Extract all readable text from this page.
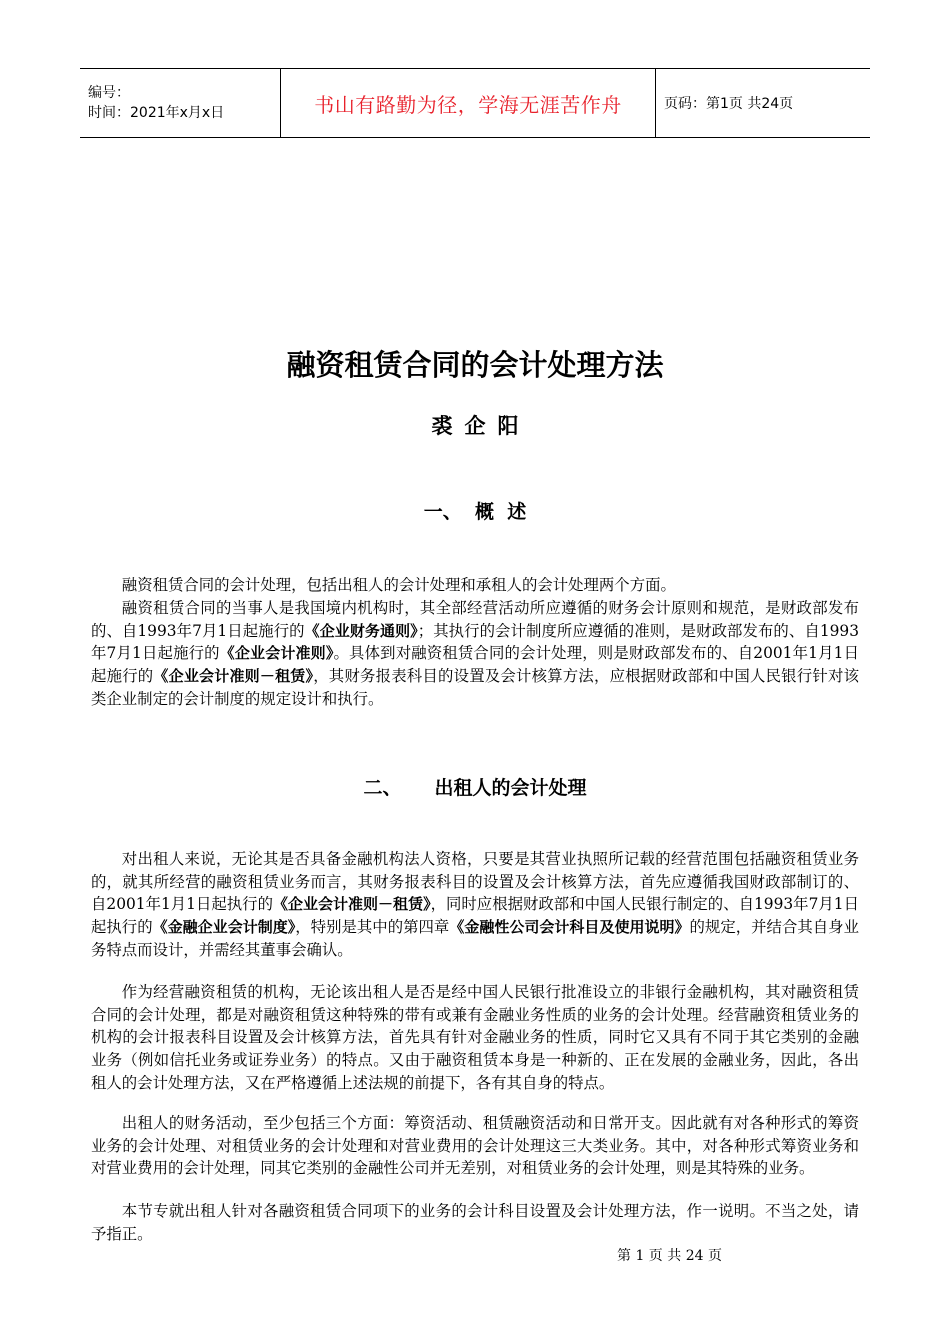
编号：
时间：2021年x月x日	书山有路勤为径，学海无涯苦作舟	页码：第1页 共24页
融资租赁合同的会计处理方法
裘企阳
一、  概  述

融资租赁合同的会计处理，包括出租人的会计处理和承租人的会计处理两个方面。

融资租赁合同的当事人是我国境内机构时，其全部经营活动所应遵循的财务会计原则和规范，是财政部发布的、自1993年7月1日起施行的《企业财务通则》；其执行的会计制度所应遵循的准则，是财政部发布的、自1993年7月1日起施行的《企业会计准则》。具体到对融资租赁合同的会计处理，则是财政部发布的、自2001年1月1日起施行的《企业会计准则－租赁》，其财务报表科目的设置及会计核算方法，应根据财政部和中国人民银行针对该类企业制定的会计制度的规定设计和执行。

二、     出租人的会计处理

对出租人来说，无论其是否具备金融机构法人资格，只要是其营业执照所记载的经营范围包括融资租赁业务的，就其所经营的融资租赁业务而言，其财务报表科目的设置及会计核算方法，首先应遵循我国财政部制订的、自2001年1月1日起执行的《企业会计准则－租赁》，同时应根据财政部和中国人民银行制定的、自1993年7月1日起执行的《金融企业会计制度》，特别是其中的第四章《金融性公司会计科目及使用说明》的规定，并结合其自身业务特点而设计，并需经其董事会确认。

作为经营融资租赁的机构，无论该出租人是否是经中国人民银行批准设立的非银行金融机构，其对融资租赁合同的会计处理，都是对融资租赁这种特殊的带有或兼有金融业务性质的业务的会计处理。经营融资租赁业务的机构的会计报表科目设置及会计核算方法，首先具有针对金融业务的性质，同时它又具有不同于其它类别的金融业务（例如信托业务或证券业务）的特点。又由于融资租赁本身是一种新的、正在发展的金融业务，因此，各出租人的会计处理方法，又在严格遵循上述法规的前提下，各有其自身的特点。

出租人的财务活动，至少包括三个方面：筹资活动、租赁融资活动和日常开支。因此就有对各种形式的筹资业务的会计处理、对租赁业务的会计处理和对营业费用的会计处理这三大类业务。其中，对各种形式筹资业务和对营业费用的会计处理，同其它类别的金融性公司并无差别，对租赁业务的会计处理，则是其特殊的业务。

本节专就出租人针对各融资租赁合同项下的业务的会计科目设置及会计处理方法，作一说明。不当之处，请予指正。

第 1 页 共 24 页
